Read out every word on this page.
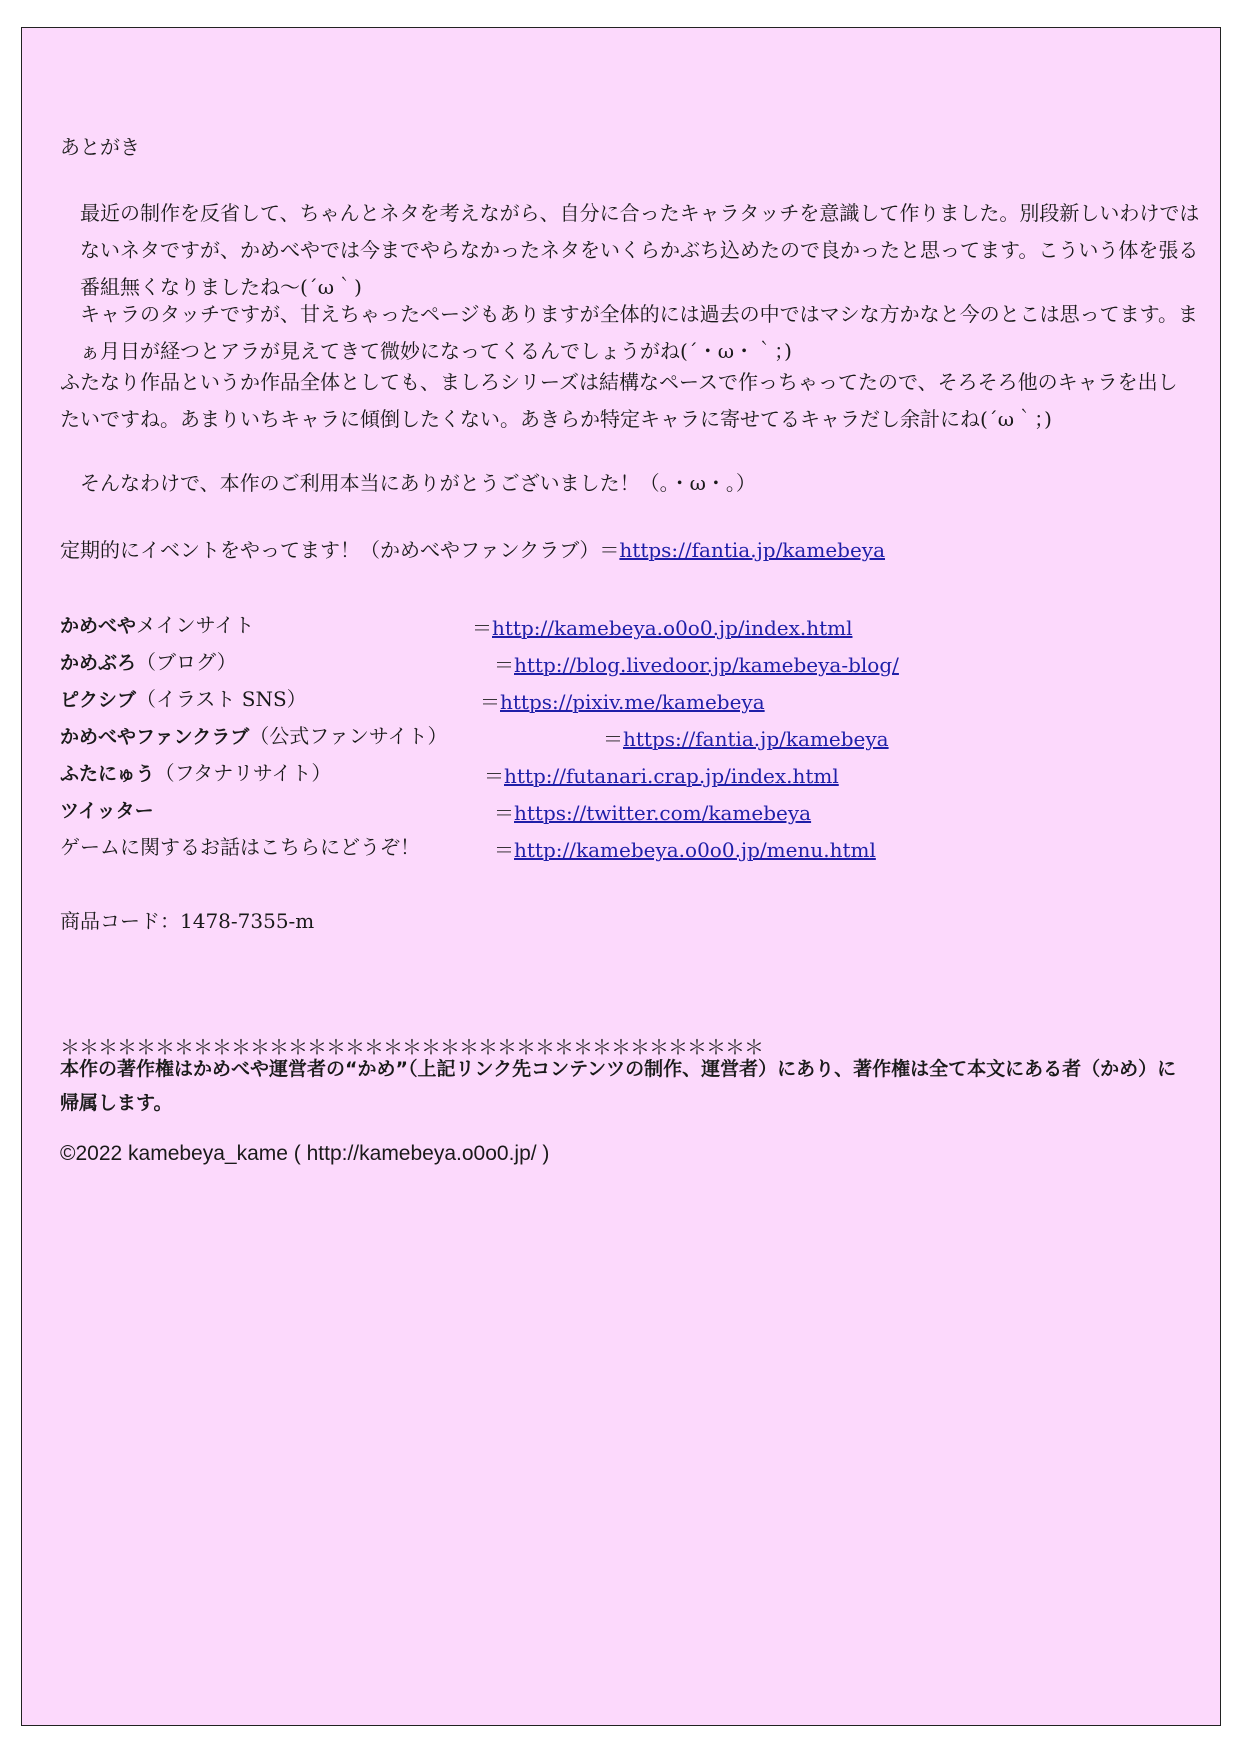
あとがき
最近の制作を反省して、ちゃんとネタを考えながら、自分に合ったキャラタッチを意識して作りました。別段新しいわけではないネタですが、かめべやでは今までやらなかったネタをいくらかぶち込めたので良かったと思ってます。こういう体を張る番組無くなりましたね～(´ω｀)
キャラのタッチですが、甘えちゃったページもありますが全体的には過去の中ではマシな方かなと今のとこは思ってます。まぁ月日が経つとアラが見えてきて微妙になってくるんでしょうがね(´・ω・｀；)
ふたなり作品というか作品全体としても、ましろシリーズは結構なペースで作っちゃってたので、そろそろ他のキャラを出したいですね。あまりいちキャラに傾倒したくない。あきらか特定キャラに寄せてるキャラだし余計にね(´ω｀；)
そんなわけで、本作のご利用本当にありがとうございました！（。・ω・。）
定期的にイベントをやってます！（かめべやファンクラブ）＝https://fantia.jp/kamebeya
かめべやメインサイト	＝http://kamebeya.o0o0.jp/index.html
かめぶろ（ブログ）	＝http://blog.livedoor.jp/kamebeya-blog/
ピクシブ（イラスト SNS）	＝https://pixiv.me/kamebeya
かめべやファンクラブ（公式ファンサイト）	＝https://fantia.jp/kamebeya
ふたにゅう（フタナリサイト）	＝http://futanari.crap.jp/index.html
ツイッター	＝https://twitter.com/kamebeya
ゲームに関するお話はこちらにどうぞ！	＝http://kamebeya.o0o0.jp/menu.html
商品コード：1478-7355-m
＊＊＊＊＊＊＊＊＊＊＊＊＊＊＊＊＊＊＊＊＊＊＊＊＊＊＊＊＊＊＊＊＊＊＊＊＊
本作の著作権はかめべや運営者の“かめ”（上記リンク先コンテンツの制作、運営者）にあり、著作権は全て本文にある者（かめ）に帰属します。
©2022 kamebeya_kame ( http://kamebeya.o0o0.jp/ )
